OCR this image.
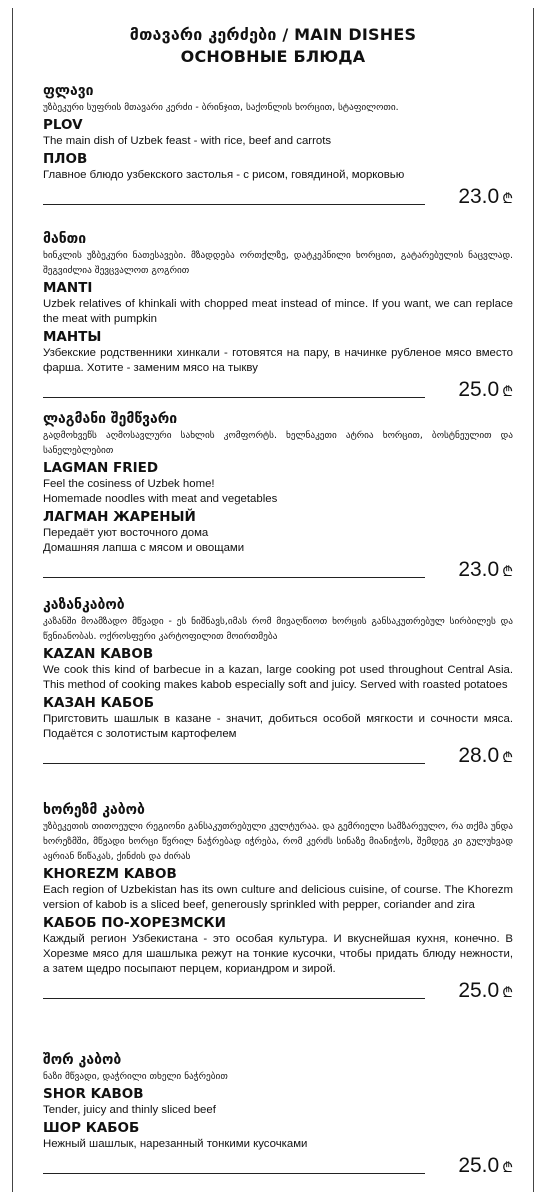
მთავარი კერძები / MAIN DISHES
ОСНОВНЫЕ БЛЮДА
ფლავი
უზბეკური სუფრის მთავარი კერძი - ბრინჯით, საქონლის ხორცით, სტაფილოთი.
PLOV
The main dish of Uzbek feast - with rice, beef and carrots
ПЛОВ
Главное блюдо узбекского застолья - с рисом, говядиной, морковью
23.0 ₾
მანთი
ხინკლის უზბეკური ნათესავები. მზადდება ორთქლზე, დატკეპნილი ხორცით, გატარებულის ნაცვლად. შეგვიძლია შევცვალოთ გოგრით
MANTI
Uzbek relatives of khinkali with chopped meat instead of mince. If you want, we can replace the meat with pumpkin
МАНТЫ
Узбекские родственники хинкали - готовятся на пару, в начинке рубленое мясо вместо фарша. Хотите - заменим мясо на тыкву
25.0 ₾
ლაგმანი შემწვარი
გადმოხვეწს აღმოსავლური სახლის კომფორტს. ხელნაკეთი ატრია ხორცით, ბოსტნეულით და სანელებლებით
LAGMAN FRIED
Feel the cosiness of Uzbek home!
Homemade noodles with meat and vegetables
ЛАГМАН ЖАРЕНЫЙ
Передаёт уют восточного дома
Домашняя лапша с мясом и овощами
23.0 ₾
კაზანკაბობ
კაზანში მოამზადო მწვადი - ეს ნიშნავს,იმას რომ მივაღწიოთ ხორცის განსაკუთრებულ სირბილეს და წვნიანობას. ოქროსფერი კარტოფილით მოირთმება
KAZAN KABOB
We cook this kind of barbecue in a kazan, large cooking pot used throughout Central Asia. This method of cooking makes kabob especially soft and juicy. Served with roasted potatoes
КАЗАН КАБОБ
Пригстовить шашлык в казане - значит, добиться особой мягкости и сочности мяса. Подаётся с золотистым картофелем
28.0 ₾
ხორეზმ კაბობ
უზბეკეთის თითოეული რეგიონი განსაკუთრებული კულტურაა. და გემრიელი სამზარეულო, რა თქმა უნდა
ხორეზმში, მწვადი ხორცი წვრილ ნაჭრებად იჭრება, რომ კერძს სინაზე მიანიჭოს, შემდეგ კი გულუხვად აყრიან წიწაკას, ქინძის და ძირას
KHOREZM KABOB
Each region of Uzbekistan has its own culture and delicious cuisine, of course. The Khorezm version of kabob is a sliced beef, generously sprinkled with pepper, coriander and zira
КАБОБ ПО-ХОРЕЗМСКИ
Каждый регион Узбекистана - это особая культура. И вкуснейшая кухня, конечно. В Хорезме мясо для шашлыка режут на тонкие кусочки, чтобы придать блюду нежности, а затем щедро посыпают перцем, кориандром и зирой.
25.0 ₾
შორ კაბობ
ნაზი მწვადი, დაჭრილი თხელი ნაჭრებით
SHOR KABOB
Tender, juicy and thinly sliced beef
ШОР КАБОБ
Нежный шашлык, нарезанный тонкими кусочками
25.0 ₾
